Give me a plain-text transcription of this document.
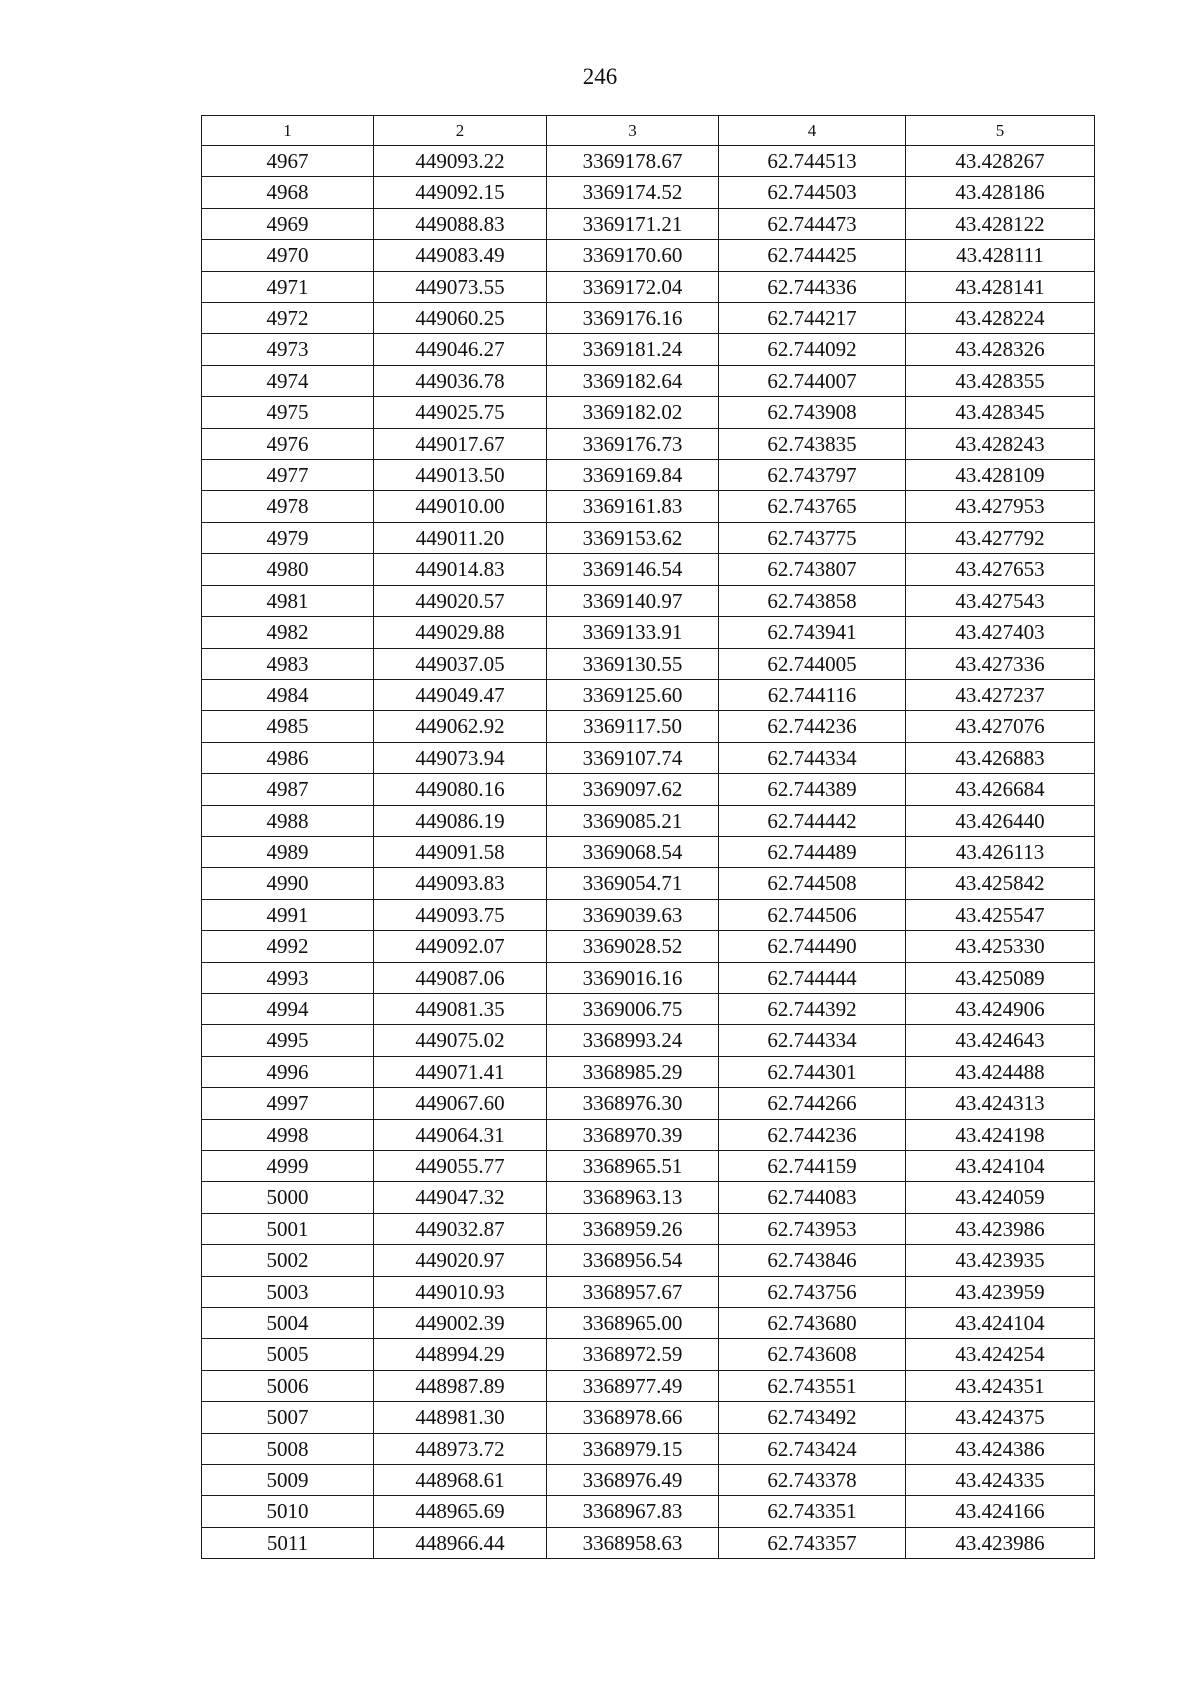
246
1	2	3	4	5
4967	449093.22	3369178.67	62.744513	43.428267
4968	449092.15	3369174.52	62.744503	43.428186
4969	449088.83	3369171.21	62.744473	43.428122
4970	449083.49	3369170.60	62.744425	43.428111
4971	449073.55	3369172.04	62.744336	43.428141
4972	449060.25	3369176.16	62.744217	43.428224
4973	449046.27	3369181.24	62.744092	43.428326
4974	449036.78	3369182.64	62.744007	43.428355
4975	449025.75	3369182.02	62.743908	43.428345
4976	449017.67	3369176.73	62.743835	43.428243
4977	449013.50	3369169.84	62.743797	43.428109
4978	449010.00	3369161.83	62.743765	43.427953
4979	449011.20	3369153.62	62.743775	43.427792
4980	449014.83	3369146.54	62.743807	43.427653
4981	449020.57	3369140.97	62.743858	43.427543
4982	449029.88	3369133.91	62.743941	43.427403
4983	449037.05	3369130.55	62.744005	43.427336
4984	449049.47	3369125.60	62.744116	43.427237
4985	449062.92	3369117.50	62.744236	43.427076
4986	449073.94	3369107.74	62.744334	43.426883
4987	449080.16	3369097.62	62.744389	43.426684
4988	449086.19	3369085.21	62.744442	43.426440
4989	449091.58	3369068.54	62.744489	43.426113
4990	449093.83	3369054.71	62.744508	43.425842
4991	449093.75	3369039.63	62.744506	43.425547
4992	449092.07	3369028.52	62.744490	43.425330
4993	449087.06	3369016.16	62.744444	43.425089
4994	449081.35	3369006.75	62.744392	43.424906
4995	449075.02	3368993.24	62.744334	43.424643
4996	449071.41	3368985.29	62.744301	43.424488
4997	449067.60	3368976.30	62.744266	43.424313
4998	449064.31	3368970.39	62.744236	43.424198
4999	449055.77	3368965.51	62.744159	43.424104
5000	449047.32	3368963.13	62.744083	43.424059
5001	449032.87	3368959.26	62.743953	43.423986
5002	449020.97	3368956.54	62.743846	43.423935
5003	449010.93	3368957.67	62.743756	43.423959
5004	449002.39	3368965.00	62.743680	43.424104
5005	448994.29	3368972.59	62.743608	43.424254
5006	448987.89	3368977.49	62.743551	43.424351
5007	448981.30	3368978.66	62.743492	43.424375
5008	448973.72	3368979.15	62.743424	43.424386
5009	448968.61	3368976.49	62.743378	43.424335
5010	448965.69	3368967.83	62.743351	43.424166
5011	448966.44	3368958.63	62.743357	43.423986
